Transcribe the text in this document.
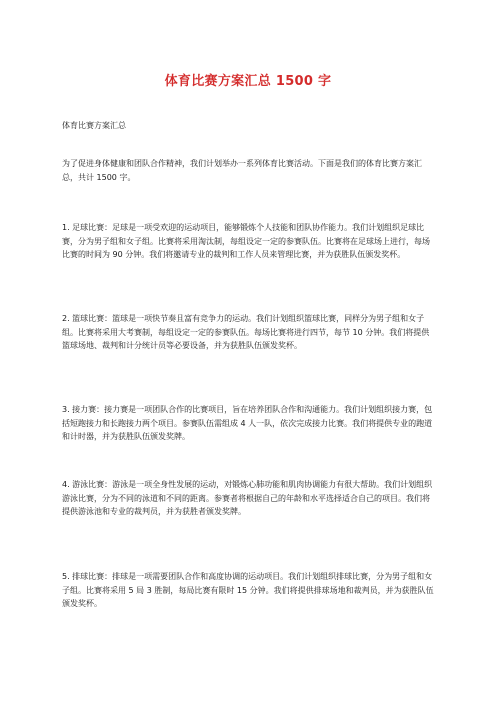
体育比赛方案汇总 1500 字
体育比赛方案汇总

为了促进身体健康和团队合作精神，我们计划举办一系列体育比赛活动。下面是我们的体育比赛方案汇总，共计 1500 字。

1. 足球比赛：足球是一项受欢迎的运动项目，能够锻炼个人技能和团队协作能力。我们计划组织足球比赛，分为男子组和女子组。比赛将采用淘汰制，每组设定一定的参赛队伍。比赛将在足球场上进行，每场比赛的时间为 90 分钟。我们将邀请专业的裁判和工作人员来管理比赛，并为获胜队伍颁发奖杯。

2. 篮球比赛：篮球是一项快节奏且富有竞争力的运动。我们计划组织篮球比赛，同样分为男子组和女子组。比赛将采用大考赛制，每组设定一定的参赛队伍。每场比赛将进行四节，每节 10 分钟。我们将提供篮球场地、裁判和计分统计员等必要设备，并为获胜队伍颁发奖杯。

3. 接力赛：接力赛是一项团队合作的比赛项目，旨在培养团队合作和沟通能力。我们计划组织接力赛，包括短跑接力和长跑接力两个项目。参赛队伍需组成 4 人一队，依次完成接力比赛。我们将提供专业的跑道和计时器，并为获胜队伍颁发奖牌。

4. 游泳比赛：游泳是一项全身性发展的运动，对锻炼心肺功能和肌肉协调能力有很大帮助。我们计划组织游泳比赛，分为不同的泳道和不同的距离。参赛者将根据自己的年龄和水平选择适合自己的项目。我们将提供游泳池和专业的裁判员，并为获胜者颁发奖牌。

5. 排球比赛：排球是一项需要团队合作和高度协调的运动项目。我们计划组织排球比赛，分为男子组和女子组。比赛将采用 5 局 3 胜制，每局比赛有限时 15 分钟。我们将提供排球场地和裁判员，并为获胜队伍颁发奖杯。
